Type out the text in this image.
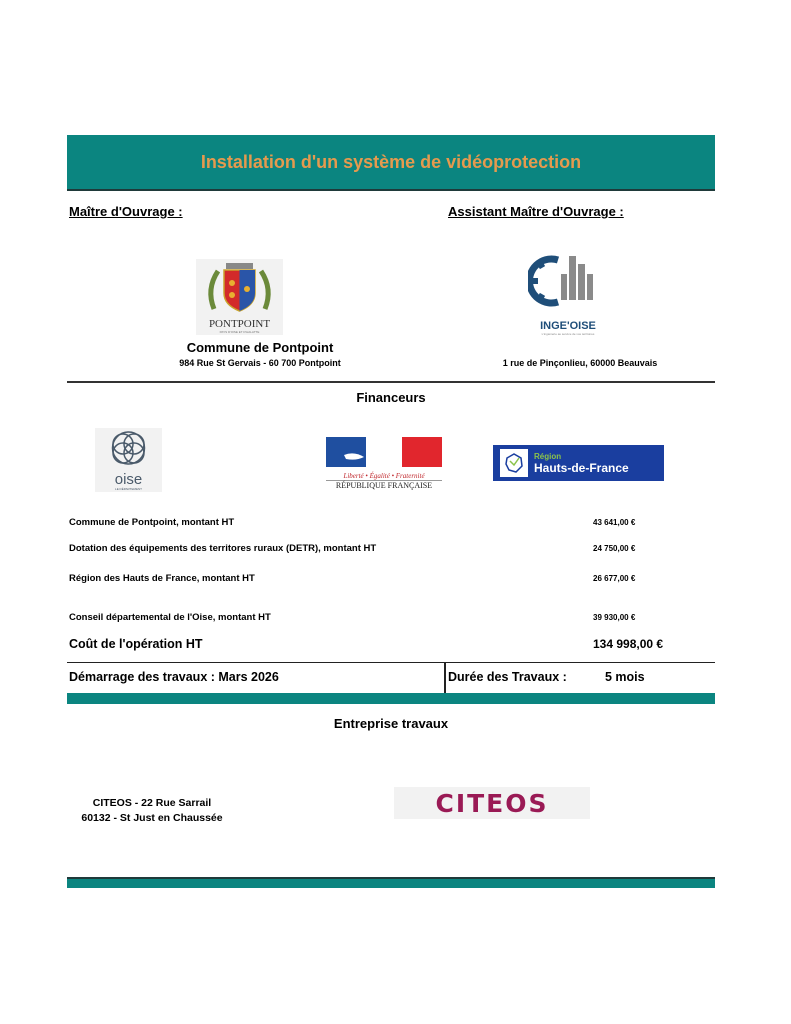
Installation d'un système de vidéoprotection
Maître d'Ouvrage :	Assistant Maître d'Ouvrage :
PONTPOINT
PAYS D'OISE ET D'HALATTE
Commune de Pontpoint
984 Rue St Gervais - 60 700 Pontpoint
INGE'OISE
L'ingénierie au service de vos territoires
1 rue de Pinçonlieu, 60000 Beauvais
Financeurs
oise
LE DÉPARTEMENT
Liberté • Égalité • Fraternité
RÉPUBLIQUE FRANÇAISE
Région
Hauts-de-France
Commune de Pontpoint, montant HT	43 641,00 €
Dotation des équipements des territores ruraux (DETR), montant HT	24 750,00 €
Région des Hauts de France, montant HT	26 677,00 €
Conseil départemental de l'Oise, montant HT	39 930,00 €
Coût de l'opération HT	134 998,00 €
Démarrage des travaux : Mars 2026	Durée des Travaux :	5 mois
Entreprise travaux
CITEOS - 22 Rue Sarrail
60132 - St Just en Chaussée
CITEOS
